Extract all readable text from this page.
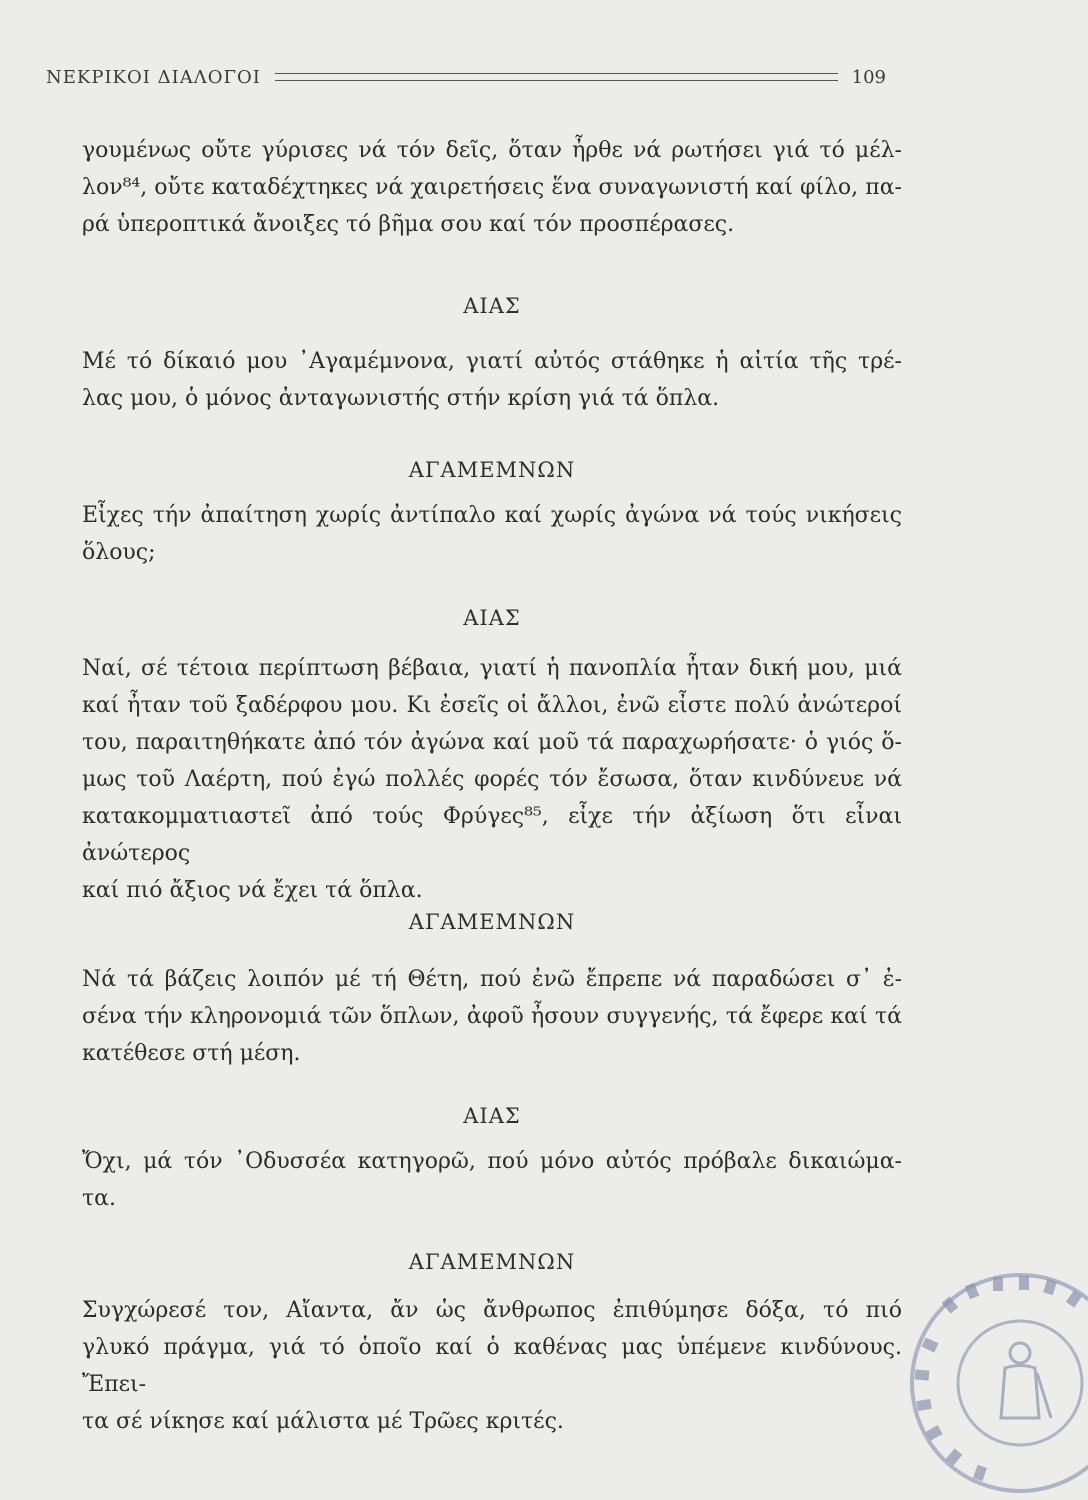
ΝΕΚΡΙΚΟΙ ΔΙΑΛΟΓΟΙ	109
γουμένως οὔτε γύρισες νά τόν δεῖς, ὅταν ἦρθε νά ρωτήσει γιά τό μέλ-
λον⁸⁴, οὔτε καταδέχτηκες νά χαιρετήσεις ἕνα συναγωνιστή καί φίλο, πα-
ρά ὑπεροπτικά ἄνοιξες τό βῆμα σου καί τόν προσπέρασες.
ΑΙΑΣ
Μέ τό δίκαιό μου ᾿Αγαμέμνονα, γιατί αὐτός στάθηκε ἡ αἰτία τῆς τρέ-
λας μου, ὁ μόνος ἀνταγωνιστής στήν κρίση γιά τά ὅπλα.
ΑΓΑΜΕΜΝΩΝ
Εἶχες τήν ἀπαίτηση χωρίς ἀντίπαλο καί χωρίς ἀγώνα νά τούς νικήσεις
ὅλους;
ΑΙΑΣ
Ναί, σέ τέτοια περίπτωση βέβαια, γιατί ἡ πανοπλία ἦταν δική μου, μιά
καί ἦταν τοῦ ξαδέρφου μου. Κι ἐσεῖς οἱ ἄλλοι, ἐνῶ εἶστε πολύ ἀνώτεροί
του, παραιτηθήκατε ἀπό τόν ἀγώνα καί μοῦ τά παραχωρήσατε· ὁ γιός ὅ-
μως τοῦ Λαέρτη, πού ἐγώ πολλές φορές τόν ἔσωσα, ὅταν κινδύνευε νά
κατακομματιαστεῖ ἀπό τούς Φρύγες⁸⁵, εἶχε τήν ἀξίωση ὅτι εἶναι ἀνώτερος
καί πιό ἄξιος νά ἔχει τά ὅπλα.
ΑΓΑΜΕΜΝΩΝ
Νά τά βάζεις λοιπόν μέ τή Θέτη, πού ἐνῶ ἔπρεπε νά παραδώσει σ᾿ ἐ-
σένα τήν κληρονομιά τῶν ὅπλων, ἀφοῦ ἦσουν συγγενής, τά ἔφερε καί τά
κατέθεσε στή μέση.
ΑΙΑΣ
Ὄχι, μά τόν ᾿Οδυσσέα κατηγορῶ, πού μόνο αὐτός πρόβαλε δικαιώμα-
τα.
ΑΓΑΜΕΜΝΩΝ
Συγχώρεσέ τον, Αἴαντα, ἄν ὡς ἄνθρωπος ἐπιθύμησε δόξα, τό πιό
γλυκό πράγμα, γιά τό ὁποῖο καί ὁ καθένας μας ὑπέμενε κινδύνους. Ἔπει-
τα σέ νίκησε καί μάλιστα μέ Τρῶες κριτές.
